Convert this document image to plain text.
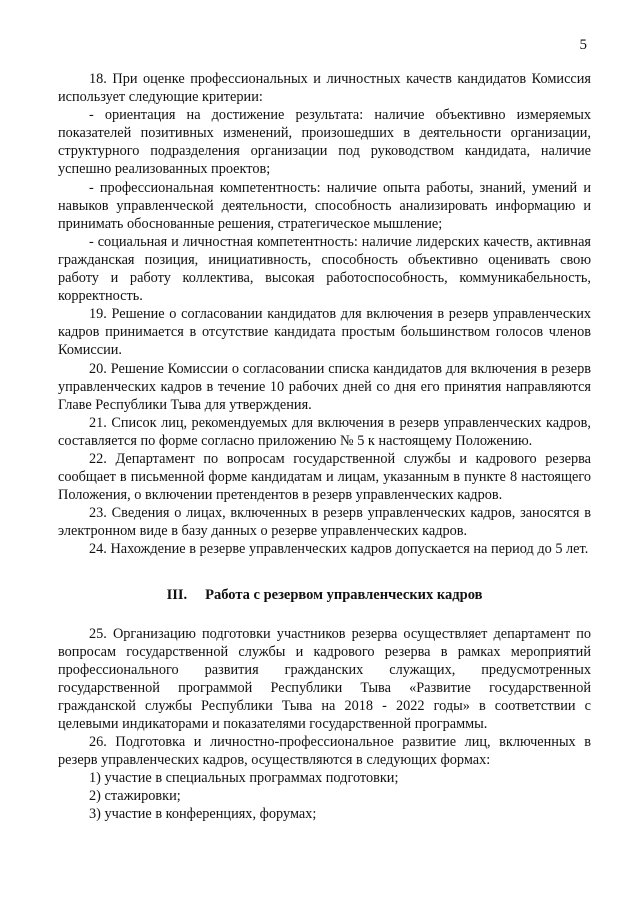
5

18. При оценке профессиональных и личностных качеств кандидатов Комиссия использует следующие критерии:

- ориентация на достижение результата: наличие объективно измеряемых показателей позитивных изменений, произошедших в деятельности организации, структурного подразделения организации под руководством кандидата, наличие успешно реализованных проектов;

- профессиональная компетентность: наличие опыта работы, знаний, умений и навыков управленческой деятельности, способность анализировать информацию и принимать обоснованные решения, стратегическое мышление;

- социальная и личностная компетентность: наличие лидерских качеств, активная гражданская позиция, инициативность, способность объективно оценивать свою работу и работу коллектива, высокая работоспособность, коммуникабельность, корректность.

19. Решение о согласовании кандидатов для включения в резерв управленческих кадров принимается в отсутствие кандидата простым большинством голосов членов Комиссии.

20. Решение Комиссии о согласовании списка кандидатов для включения в резерв управленческих кадров в течение 10 рабочих дней со дня его принятия направляются Главе Республики Тыва для утверждения.

21. Список лиц, рекомендуемых для включения в резерв управленческих кадров, составляется по форме согласно приложению № 5 к настоящему Положению.

22. Департамент по вопросам государственной службы и кадрового резерва сообщает в письменной форме кандидатам и лицам, указанным в пункте 8 настоящего Положения, о включении претендентов в резерв управленческих кадров.

23. Сведения о лицах, включенных в резерв управленческих кадров, заносятся в электронном виде в базу данных о резерве управленческих кадров.

24. Нахождение в резерве управленческих кадров допускается на период до 5 лет.

III. Работа с резервом управленческих кадров

25. Организацию подготовки участников резерва осуществляет департамент по вопросам государственной службы и кадрового резерва в рамках мероприятий профессионального развития гражданских служащих, предусмотренных государственной программой Республики Тыва «Развитие государственной гражданской службы Республики Тыва на 2018 - 2022 годы» в соответствии с целевыми индикаторами и показателями государственной программы.

26. Подготовка и личностно-профессиональное развитие лиц, включенных в резерв управленческих кадров, осуществляются в следующих формах:

1) участие в специальных программах подготовки;

2) стажировки;

3) участие в конференциях, форумах;
